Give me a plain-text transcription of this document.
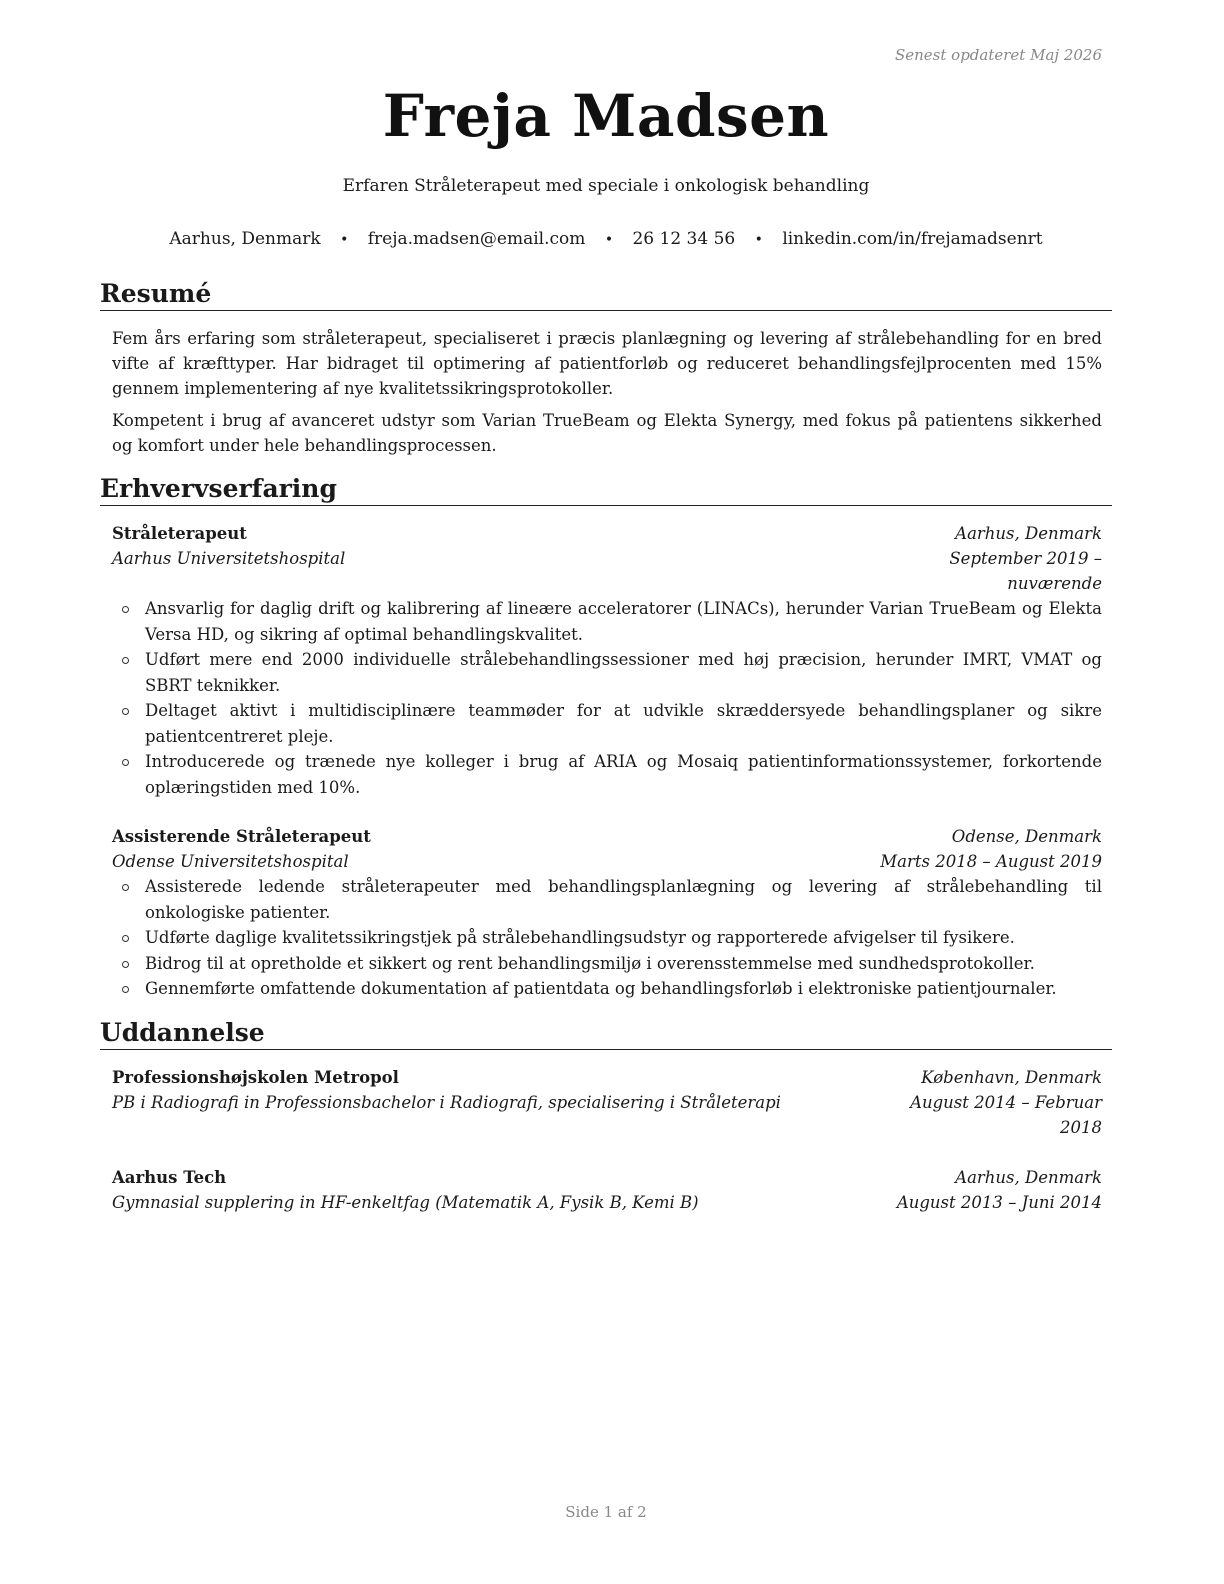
Senest opdateret Maj 2026
Freja Madsen
Erfaren Stråleterapeut med speciale i onkologisk behandling
Aarhus, Denmark • freja.madsen@email.com • 26 12 34 56 • linkedin.com/in/frejamadsenrt
Resumé
Fem års erfaring som stråleterapeut, specialiseret i præcis planlægning og levering af strålebehandling for en bred vifte af kræfttyper. Har bidraget til optimering af patientforløb og reduceret behandlingsfejlprocenten med 15% gennem implementering af nye kvalitetssikringsprotokoller.
Kompetent i brug af avanceret udstyr som Varian TrueBeam og Elekta Synergy, med fokus på patientens sikkerhed og komfort under hele behandlingsprocessen.
Erhvervserfaring
Stråleterapeut	Aarhus, Denmark
Aarhus Universitetshospital	September 2019 – nuværende
Ansvarlig for daglig drift og kalibrering af lineære acceleratorer (LINACs), herunder Varian TrueBeam og Elekta Versa HD, og sikring af optimal behandlingskvalitet.
Udført mere end 2000 individuelle strålebehandlingssessioner med høj præcision, herunder IMRT, VMAT og SBRT teknikker.
Deltaget aktivt i multidisciplinære teammøder for at udvikle skræddersyede behandlingsplaner og sikre patientcentreret pleje.
Introducerede og trænede nye kolleger i brug af ARIA og Mosaiq patientinformationssystemer, forkortende oplæringstiden med 10%.
Assisterende Stråleterapeut	Odense, Denmark
Odense Universitetshospital	Marts 2018 – August 2019
Assisterede ledende stråleterapeuter med behandlingsplanlægning og levering af strålebehandling til onkologiske patienter.
Udførte daglige kvalitetssikringstjek på strålebehandlingsudstyr og rapporterede afvigelser til fysikere.
Bidrog til at opretholde et sikkert og rent behandlingsmiljø i overensstemmelse med sundhedsprotokoller.
Gennemførte omfattende dokumentation af patientdata og behandlingsforløb i elektroniske patientjournaler.
Uddannelse
Professionshøjskolen Metropol	København, Denmark
PB i Radiografi in Professionsbachelor i Radiografi, specialisering i Stråleterapi	August 2014 – Februar 2018
Aarhus Tech	Aarhus, Denmark
Gymnasial supplering in HF-enkeltfag (Matematik A, Fysik B, Kemi B)	August 2013 – Juni 2014
Side 1 af 2
